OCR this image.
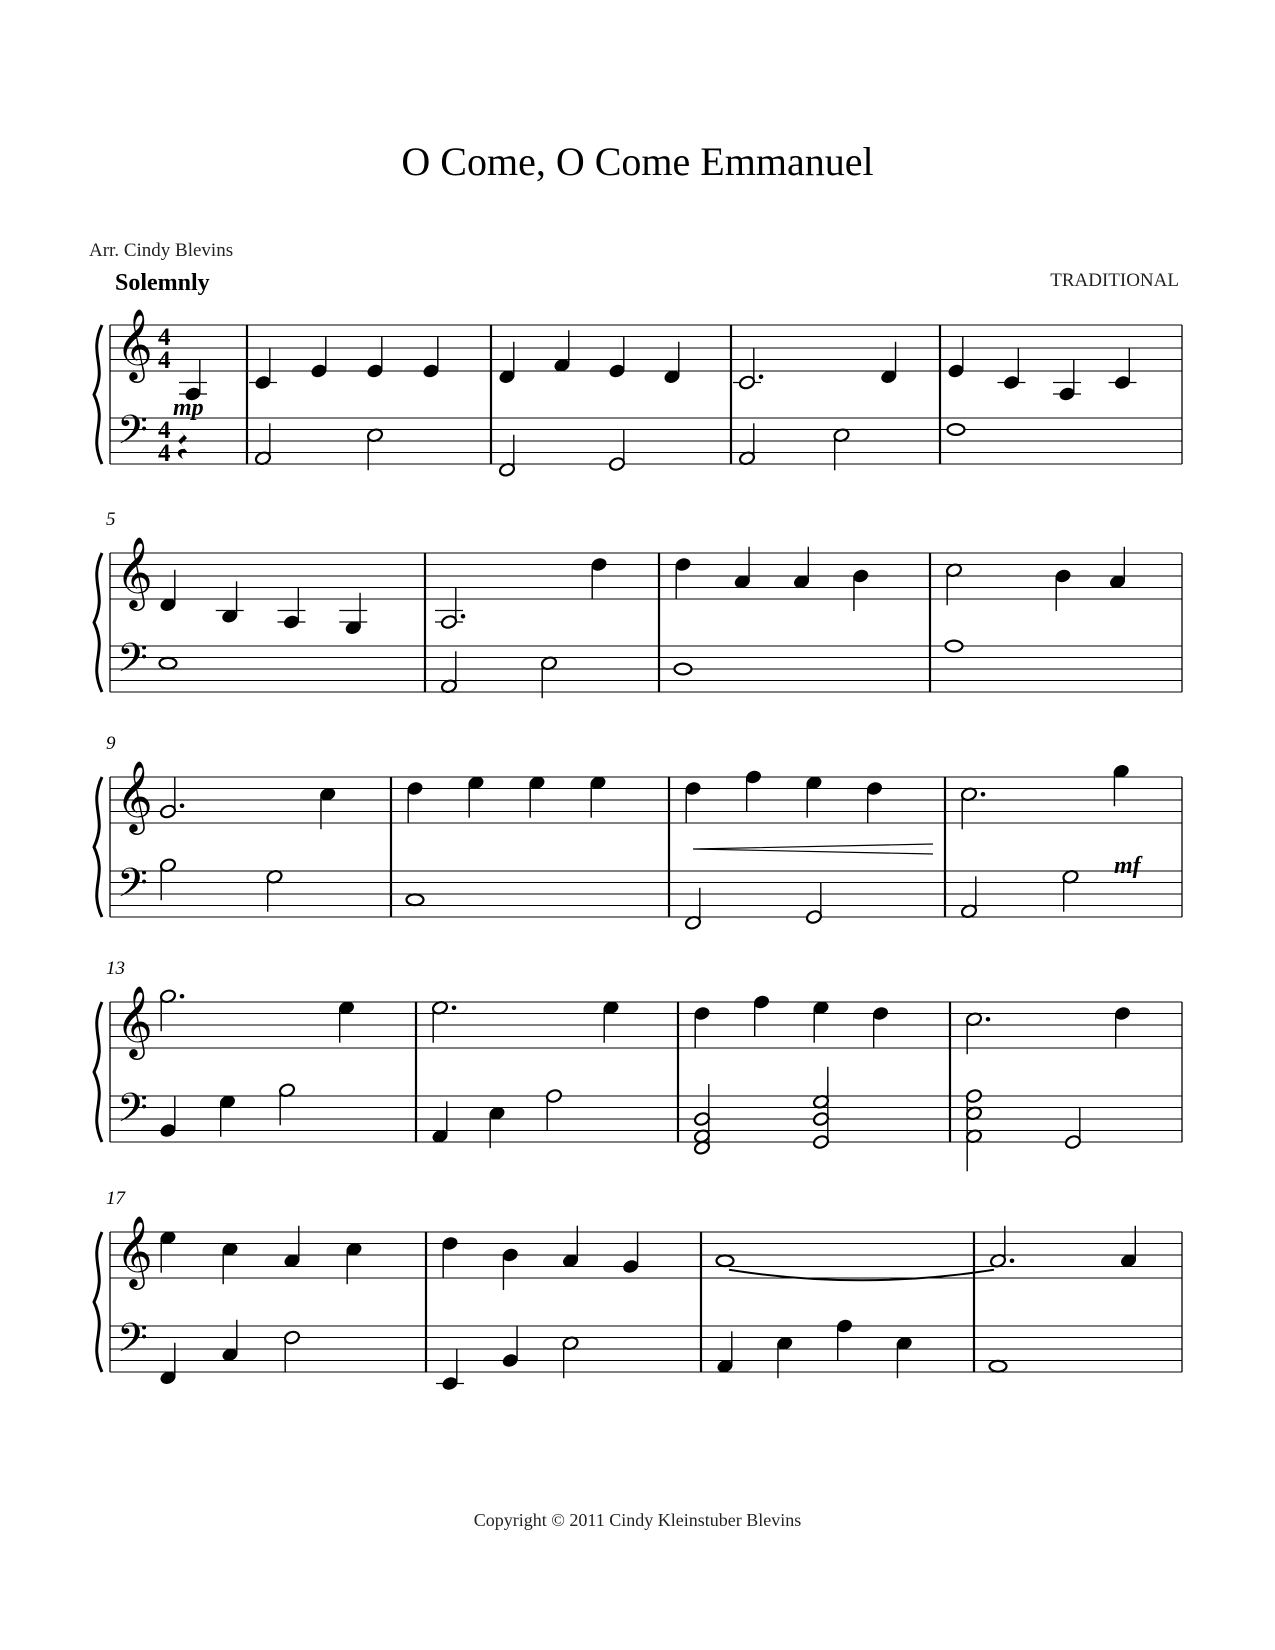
O Come, O Come Emmanuel
Arr. Cindy Blevins
Solemnly	TRADITIONAL
𝄞
𝄢
4
4
4
4
mp
𝄞
𝄢
5
𝄞
𝄢
9
mf
𝄞
𝄢
13
𝄞
𝄢
17
Copyright © 2011 Cindy Kleinstuber Blevins
